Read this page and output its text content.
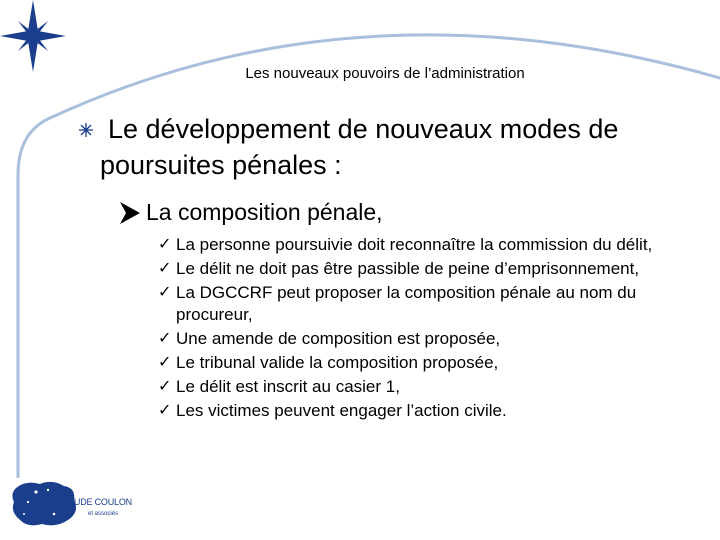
Les nouveaux pouvoirs de l’administration
Le développement de nouveaux modes de poursuites pénales :
La composition pénale,
✓ La personne poursuivie doit reconnaître la commission du délit,
✓ Le délit ne doit pas être passible de peine d’emprisonnement,
✓ La DGCCRF peut proposer la composition pénale au nom du procureur,
✓ Une amende de composition est proposée,
✓ Le tribunal valide la composition proposée,
✓ Le délit est inscrit au casier 1,
✓ Les victimes peuvent engager l’action civile.
JEAN-CLAUDE COULON
et associés
